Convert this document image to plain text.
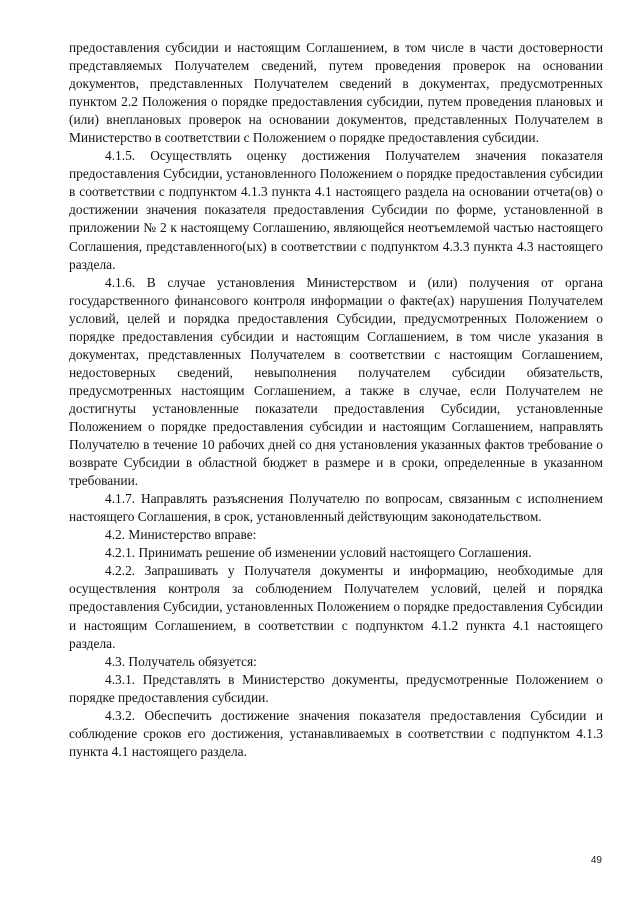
предоставления субсидии и настоящим Соглашением, в том числе в части достоверности представляемых Получателем сведений, путем проведения проверок на основании документов, представленных Получателем сведений в документах, предусмотренных пунктом 2.2 Положения о порядке предоставления субсидии, путем проведения плановых и (или) внеплановых проверок на основании документов, представленных Получателем в Министерство в соответствии с Положением о порядке предоставления субсидии.

4.1.5. Осуществлять оценку достижения Получателем значения показателя предоставления Субсидии, установленного Положением о порядке предоставления субсидии в соответствии с подпунктом 4.1.3 пункта 4.1 настоящего раздела на основании отчета(ов) о достижении значения показателя предоставления Субсидии по форме, установленной в приложении № 2 к настоящему Соглашению, являющейся неотъемлемой частью настоящего Соглашения, представленного(ых) в соответствии с подпунктом 4.3.3 пункта 4.3 настоящего раздела.

4.1.6. В случае установления Министерством и (или) получения от органа государственного финансового контроля информации о факте(ах) нарушения Получателем условий, целей и порядка предоставления Субсидии, предусмотренных Положением о порядке предоставления субсидии и настоящим Соглашением, в том числе указания в документах, представленных Получателем в соответствии с настоящим Соглашением, недостоверных сведений, невыполнения получателем субсидии обязательств, предусмотренных настоящим Соглашением, а также в случае, если Получателем не достигнуты установленные показатели предоставления Субсидии, установленные Положением о порядке предоставления субсидии и настоящим Соглашением, направлять Получателю в течение 10 рабочих дней со дня установления указанных фактов требование о возврате Субсидии в областной бюджет в размере и в сроки, определенные в указанном требовании.

4.1.7. Направлять разъяснения Получателю по вопросам, связанным с исполнением настоящего Соглашения, в срок, установленный действующим законодательством.

4.2. Министерство вправе:

4.2.1. Принимать решение об изменении условий настоящего Соглашения.

4.2.2. Запрашивать у Получателя документы и информацию, необходимые для осуществления контроля за соблюдением Получателем условий, целей и порядка предоставления Субсидии, установленных Положением о порядке предоставления Субсидии и настоящим Соглашением, в соответствии с подпунктом 4.1.2 пункта 4.1 настоящего раздела.

4.3. Получатель обязуется:

4.3.1. Представлять в Министерство документы, предусмотренные Положением о порядке предоставления субсидии.

4.3.2. Обеспечить достижение значения показателя предоставления Субсидии и соблюдение сроков его достижения, устанавливаемых в соответствии с подпунктом 4.1.3 пункта 4.1 настоящего раздела.

49
